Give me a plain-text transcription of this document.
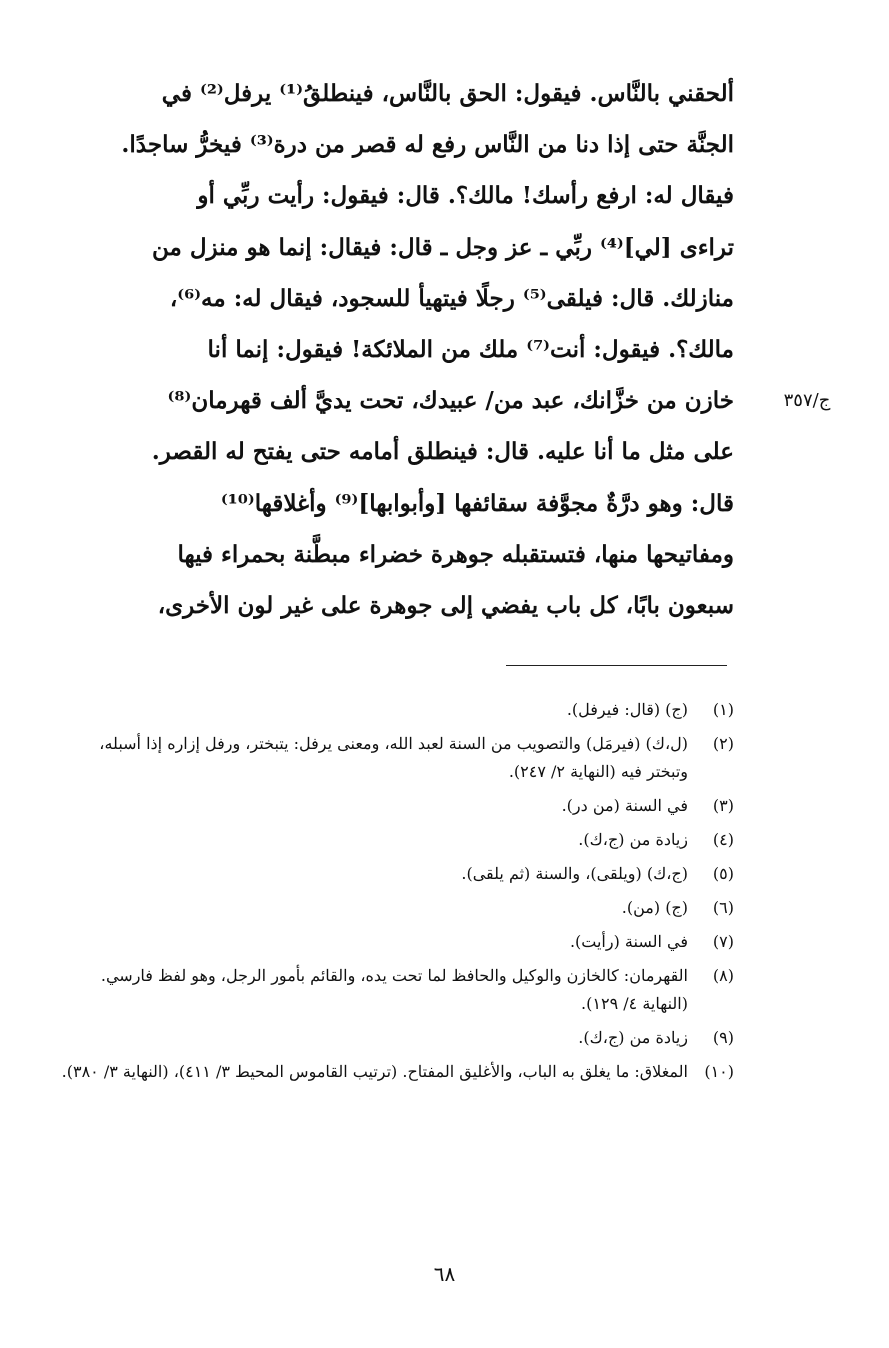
ألحقني بالنَّاس. فيقول: الحق بالنَّاس، فينطلقُ⁽¹⁾ يرفل⁽²⁾ في
الجنَّة حتى إذا دنا من النَّاس رفع له قصر من درة⁽³⁾ فيخرُّ ساجدًا.
فيقال له: ارفع رأسك! مالك؟. قال: فيقول: رأيت ربِّي أو
تراءى [لي]⁽⁴⁾ ربِّي ـ عز وجل ـ قال: فيقال: إنما هو منزل من
منازلك. قال: فيلقى⁽⁵⁾ رجلًا فيتهيأ للسجود، فيقال له: مه⁽⁶⁾،
مالك؟. فيقول: أنت⁽⁷⁾ ملك من الملائكة! فيقول: إنما أنا
خازن من خزَّانك، عبد من/ عبيدك، تحت يديَّ ألف قهرمان⁽⁸⁾
على مثل ما أنا عليه. قال: فينطلق أمامه حتى يفتح له القصر.
قال: وهو درَّةٌ مجوَّفة سقائفها [وأبوابها]⁽⁹⁾ وأغلاقها⁽¹⁰⁾
ومفاتيحها منها، فتستقبله جوهرة خضراء مبطَّنة بحمراء فيها
سبعون بابًا، كل باب يفضي إلى جوهرة على غير لون الأخرى،
ج/٣٥٧
(١)
(ج) (قال: فيرفل).
(٢)
(ل،ك) (فيرمَل) والتصويب من السنة لعبد الله، ومعنى يرفل: يتبختر، ورفل إزاره إذا أسبله، وتبختر فيه (النهاية ٢/ ٢٤٧).
(٣)
في السنة (من در).
(٤)
زيادة من (ج،ك).
(٥)
(ج،ك) (ويلقى)، والسنة (ثم يلقى).
(٦)
(ج) (من).
(٧)
في السنة (رأيت).
(٨)
القهرمان: كالخازن والوكيل والحافظ لما تحت يده، والقائم بأمور الرجل، وهو لفظ فارسي. (النهاية ٤/ ١٢٩).
(٩)
زيادة من (ج،ك).
(١٠)
المغلاق: ما يغلق به الباب، والأغليق المفتاح. (ترتيب القاموس المحيط ٣/ ٤١١)، (النهاية ٣/ ٣٨٠).
٦٨
